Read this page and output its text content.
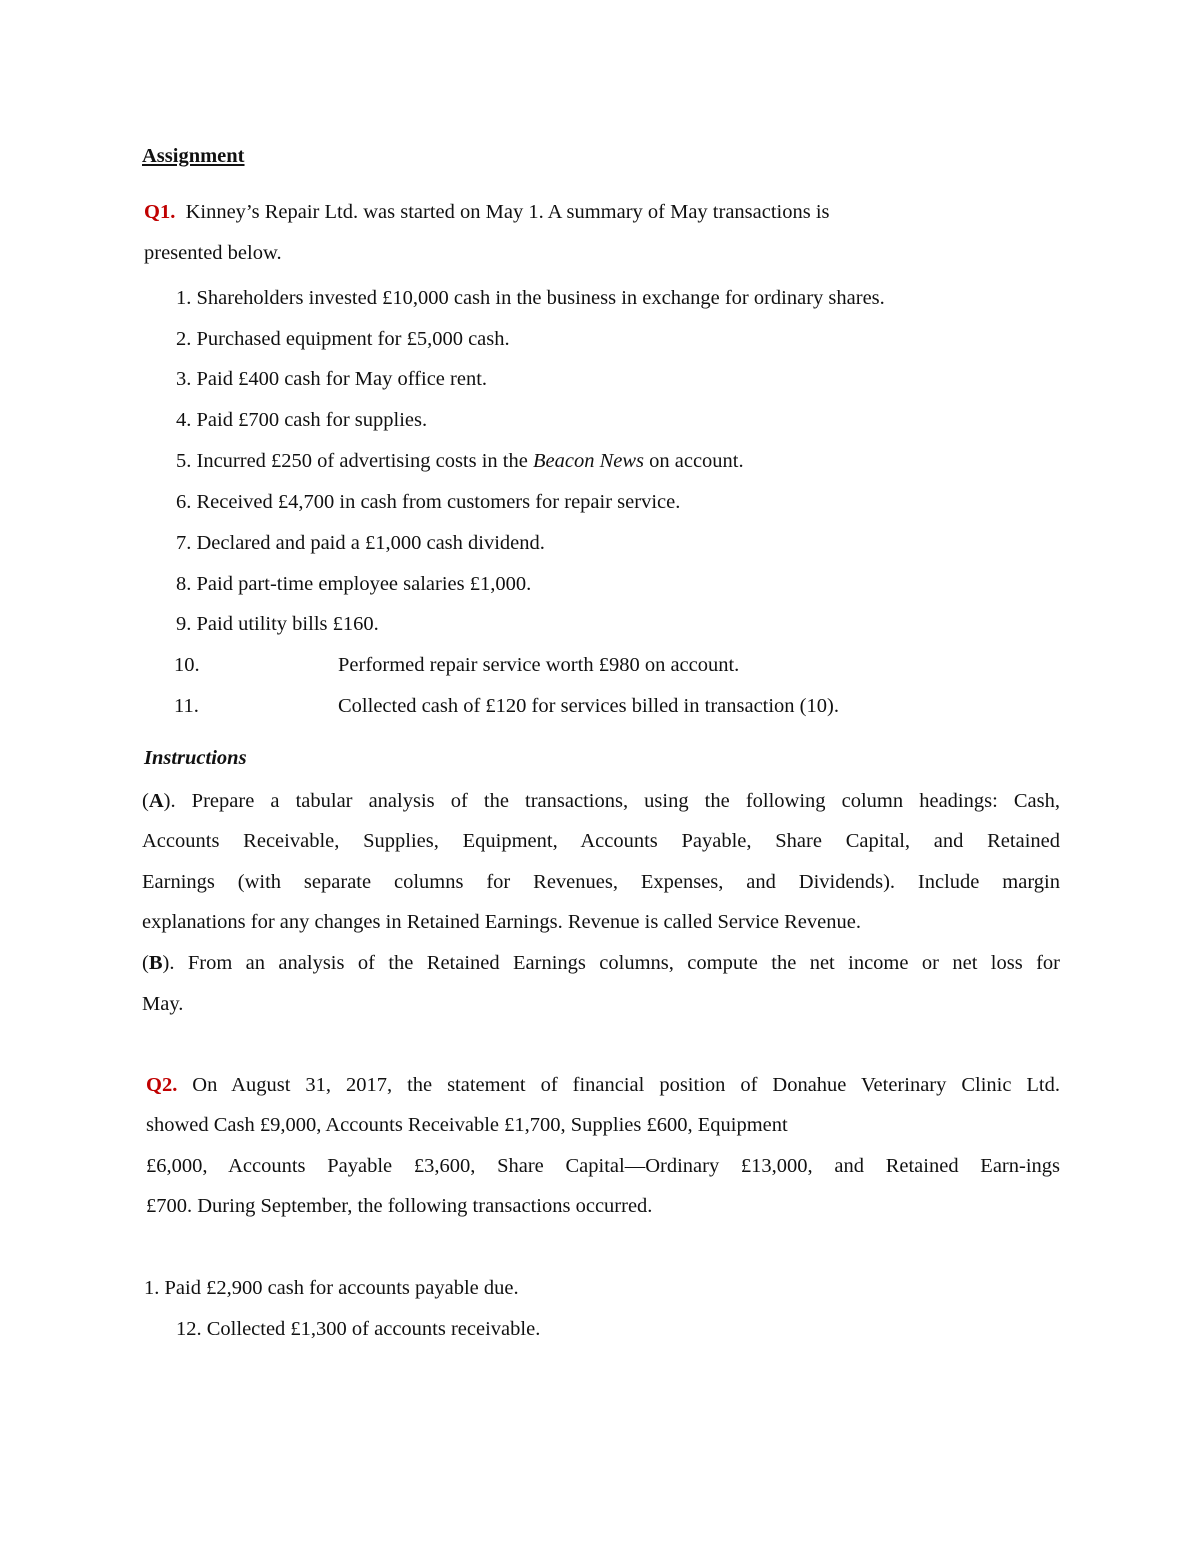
Assignment
Q1. Kinney’s Repair Ltd. was started on May 1. A summary of May transactions is
presented below.
1. Shareholders invested £10,000 cash in the business in exchange for ordinary shares.
2. Purchased equipment for £5,000 cash.
3. Paid £400 cash for May office rent.
4. Paid £700 cash for supplies.
5. Incurred £250 of advertising costs in the Beacon News on account.
6. Received £4,700 in cash from customers for repair service.
7. Declared and paid a £1,000 cash dividend.
8. Paid part-time employee salaries £1,000.
9. Paid utility bills £160.
10.	Performed repair service worth £980 on account.
11.	Collected cash of £120 for services billed in transaction (10).
Instructions
(A). Prepare a tabular analysis of the transactions, using the following column headings: Cash,
Accounts Receivable, Supplies, Equipment, Accounts Payable, Share Capital, and Retained
Earnings (with separate columns for Revenues, Expenses, and Dividends). Include margin
explanations for any changes in Retained Earnings. Revenue is called Service Revenue.
(B). From an analysis of the Retained Earnings columns, compute the net income or net loss for
May.
Q2. On August 31, 2017, the statement of financial position of Donahue Veterinary Clinic Ltd.
showed Cash £9,000, Accounts Receivable £1,700, Supplies £600, Equipment
£6,000, Accounts Payable £3,600, Share Capital—Ordinary £13,000, and Retained Earn-ings
£700. During September, the following transactions occurred.
1. Paid £2,900 cash for accounts payable due.
12. Collected £1,300 of accounts receivable.
